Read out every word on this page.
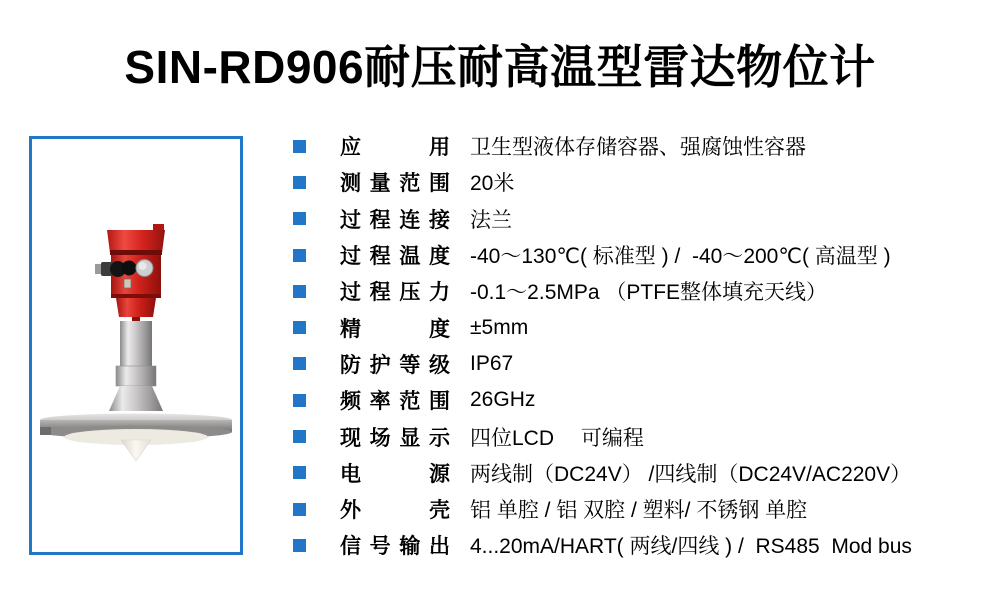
SIN-RD906耐压耐高温型雷达物位计
应用 卫生型液体存储容器、强腐蚀性容器
测量范围 20米
过程连接 法兰
过程温度 -40～130℃( 标准型 ) /  -40～200℃( 高温型 )
过程压力 -0.1～2.5MPa （PTFE整体填充天线）
精度 ±5mm
防护等级 IP67
频率范围 26GHz
现场显示 四位LCD　 可编程
电源 两线制（DC24V） /四线制（DC24V/AC220V）
外壳 铝 单腔 / 铝 双腔 / 塑料/ 不锈钢 单腔
信号输出 4...20mA/HART( 两线/四线 ) /  RS485  Mod bus
